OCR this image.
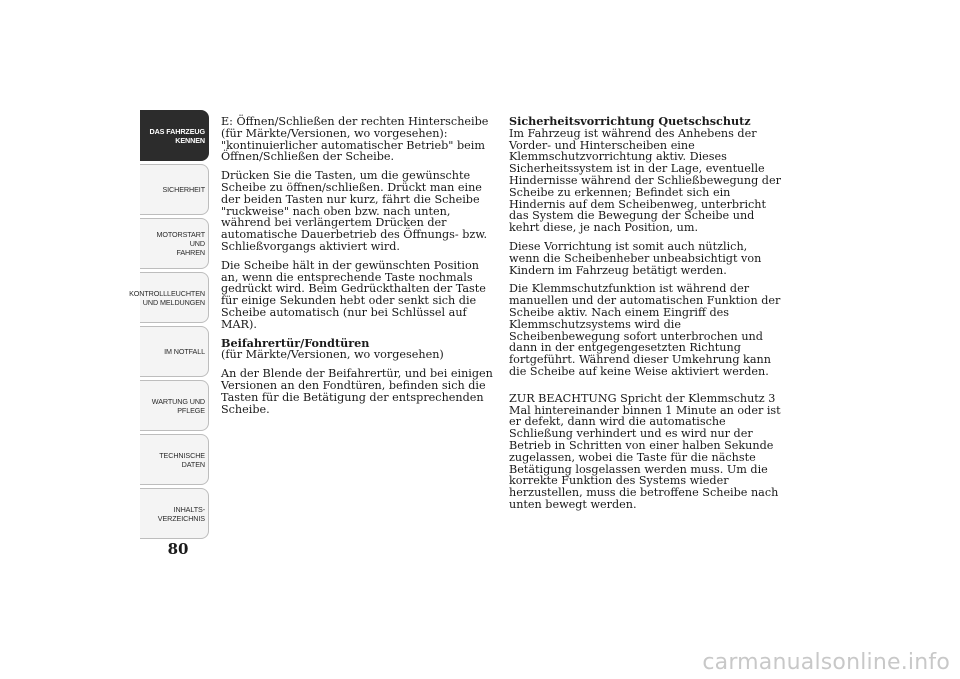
DAS FAHRZEUG
KENNEN
SICHERHEIT
MOTORSTART UND
FAHREN
KONTROLLLEUCHTEN
UND MELDUNGEN
IM NOTFALL
WARTUNG UND
PFLEGE
TECHNISCHE
DATEN
INHALTS-
VERZEICHNIS
80

E: Öffnen/Schließen der rechten Hinterscheibe (für Märkte/Versionen, wo vorgesehen): "kontinuierlicher automatischer Betrieb" beim Öffnen/Schließen der Scheibe.

Drücken Sie die Tasten, um die gewünschte Scheibe zu öffnen/schließen. Drückt man eine der beiden Tasten nur kurz, fährt die Scheibe "ruckweise" nach oben bzw. nach unten, während bei verlängertem Drücken der automatische Dauerbetrieb des Öffnungs- bzw. Schließvorgangs aktiviert wird.

Die Scheibe hält in der gewünschten Position an, wenn die entsprechende Taste nochmals gedrückt wird. Beim Gedrückthalten der Taste für einige Sekunden hebt oder senkt sich die Scheibe automatisch (nur bei Schlüssel auf MAR).

Beifahrertür/Fondtüren

(für Märkte/Versionen, wo vorgesehen)

An der Blende der Beifahrertür, und bei einigen Versionen an den Fondtüren, befinden sich die Tasten für die Betätigung der entsprechenden Scheibe.

Sicherheitsvorrichtung Quetschschutz

Im Fahrzeug ist während des Anhebens der Vorder- und Hinterscheiben eine Klemmschutzvorrichtung aktiv. Dieses Sicherheitssystem ist in der Lage, eventuelle Hindernisse während der Schließbewegung der Scheibe zu erkennen; Befindet sich ein Hindernis auf dem Scheibenweg, unterbricht das System die Bewegung der Scheibe und kehrt diese, je nach Position, um.

Diese Vorrichtung ist somit auch nützlich, wenn die Scheibenheber unbeabsichtigt von Kindern im Fahrzeug betätigt werden.

Die Klemmschutzfunktion ist während der manuellen und der automatischen Funktion der Scheibe aktiv. Nach einem Eingriff des Klemmschutzsystems wird die Scheibenbewegung sofort unterbrochen und dann in der entgegengesetzten Richtung fortgeführt. Während dieser Umkehrung kann die Scheibe auf keine Weise aktiviert werden.

ZUR BEACHTUNG Spricht der Klemmschutz 3 Mal hintereinander binnen 1 Minute an oder ist er defekt, dann wird die automatische Schließung verhindert und es wird nur der Betrieb in Schritten von einer halben Sekunde zugelassen, wobei die Taste für die nächste Betätigung losgelassen werden muss. Um die korrekte Funktion des Systems wieder herzustellen, muss die betroffene Scheibe nach unten bewegt werden.

carmanualsonline.info
